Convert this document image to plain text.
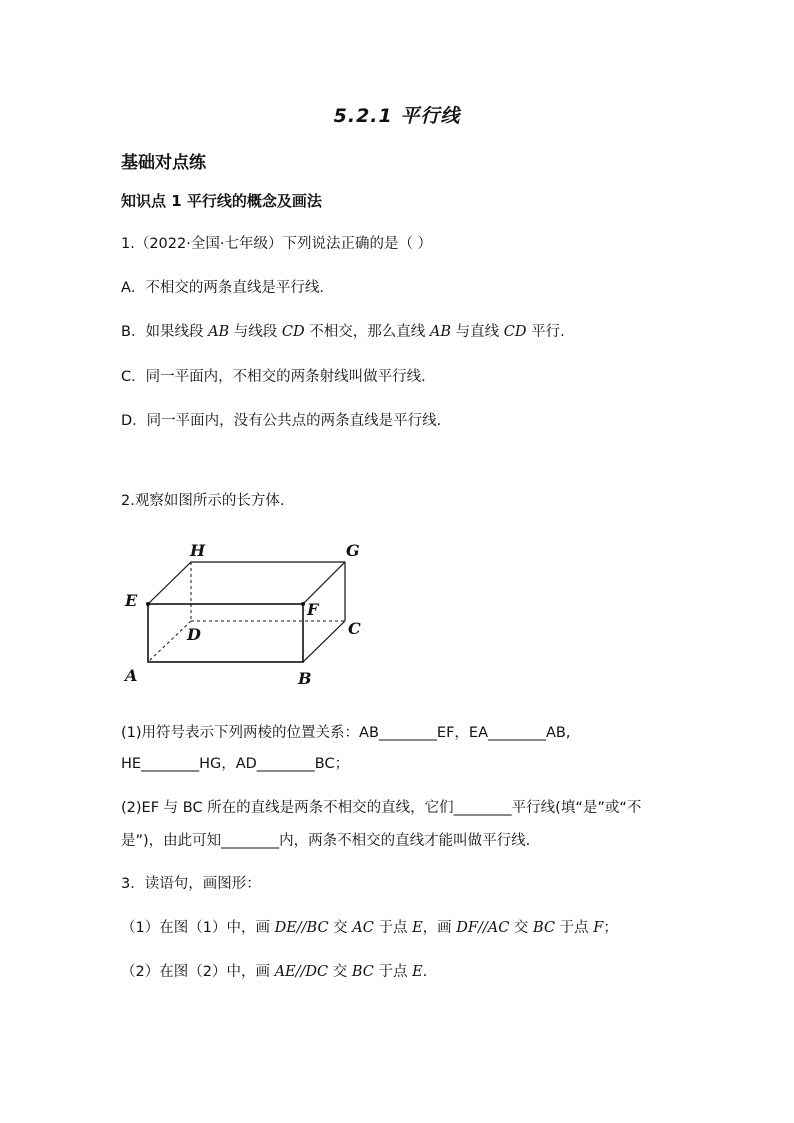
5.2.1 平行线
基础对点练
知识点 1 平行线的概念及画法
1.（2022·全国·七年级）下列说法正确的是（ ）
A．不相交的两条直线是平行线.
B．如果线段 AB 与线段 CD 不相交，那么直线 AB 与直线 CD 平行.
C．同一平面内，不相交的两条射线叫做平行线.
D．同一平面内，没有公共点的两条直线是平行线.
2.观察如图所示的长方体.
H	G
E	F
D	C
A	B
(1)用符号表示下列两棱的位置关系：AB________EF，EA________AB,
HE________HG，AD________BC；
(2)EF 与 BC 所在的直线是两条不相交的直线，它们________平行线(填“是”或“不
是”)，由此可知________内，两条不相交的直线才能叫做平行线.
3．读语句，画图形：
（1）在图（1）中，画 DE//BC 交 AC 于点 E，画 DF//AC 交 BC 于点 F；
（2）在图（2）中，画 AE//DC 交 BC 于点 E.
